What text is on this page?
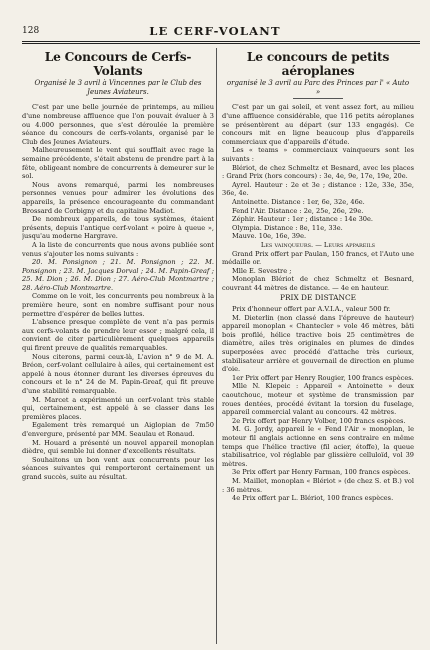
128	LE CERF-VOLANT
Le Concours de Cerfs-Volants
Organisé le 3 avril à Vincennes par le Club des Jeunes Aviateurs.

C'est par une belle journée de printemps, au milieu d'une nombreuse affluence que l'on pouvait évaluer à 3 ou 4.000 personnes, que s'est déroulée la première séance du concours de cerfs-volants, organisé par le Club des Jeunes Aviateurs.

Malheureusement le vent qui soufflait avec rage la semaine précédente, s'était abstenu de prendre part à la fête, obligeant nombre de concurrents à demeurer sur le sol.

Nous avons remarqué, parmi les nombreuses personnes venues pour admirer les évolutions des appareils, la présence encourageante du commandant Brossard de Corbigny et du capitaine Madiot.

De nombreux appareils, de tous systèmes, étaient présents, depuis l'antique cerf-volant « poire à queue », jusqu'au moderne Hargrave.

A la liste de concurrents que nous avons publiée sont venus s'ajouter les noms suivants :

20. M. Ponsignon ; 21. M. Ponsignon ; 22. M. Ponsignon ; 23. M. Jacques Dorval ; 24. M. Papin-Greaf ; 25. M. Dion ; 26. M. Dion ; 27. Aéro-Club Montmartre ; 28. Aéro-Club Montmartre.

Comme on le voit, les concurrents peu nombreux à la première heure, sont en nombre suffisant pour nous permettre d'espérer de belles luttes.

L'absence presque complète de vent n'a pas permis aux cerfs-volants de prendre leur essor ; malgré cela, il convient de citer particulièrement quelques appareils qui firent preuve de qualités remarquables.

Nous citerons, parmi ceux-là, L'avion n° 9 de M. A. Bréon, cerf-volant cellulaire à ailes, qui certainement est appelé à nous étonner durant les diverses épreuves du concours et le n° 24 de M. Papin-Greaf, qui fit preuve d'une stabilité remarquable.

M. Marcet a expérimenté un cerf-volant très stable qui, certainement, est appelé à se classer dans les premières places.

Egalement très remarqué un Aiglopian de 7m50 d'envergure, présenté par MM. Seaulau et Ronaud.

M. Houard a présenté un nouvel appareil monoplan dièdre, qui semble lui donner d'excellents résultats.

Souhaitons un bon vent aux concurrents pour les séances suivantes qui remporteront certainement un grand succès, suite au résultat.

Le concours de petits aéroplanes
organisé le 3 avril au Parc des Princes par l' « Auto »

C'est par un gai soleil, et vent assez fort, au milieu d'une affluence considérable, que 116 petits aéroplanes se présentèrent au départ (sur 133 engagés). Ce concours mit en ligne beaucoup plus d'appareils commerciaux que d'appareils d'étude.

Les « teams » commerciaux vainqueurs sont les suivants :

Blériot, de chez Schmeltz et Besnard, avec les places : Grand Prix (hors concours) : 3e, 4e, 9e, 17e, 19e, 20e.

Ayrel. Hauteur : 2e et 3e ; distance : 12e, 33e, 35e, 36e, 4e.

Antoinette. Distance : 1er, 6e, 32e, 46e.

Fend l'Air. Distance : 2e, 25e, 26e, 29e.

Zéphir. Hauteur : 1er ; distance : 14e 30e.

Olympia. Distance : 8e, 11e, 33e.

Mauve. 10e, 16e, 39e.

Les vainqueurs. — Leurs appareils

Grand Prix offert par Paulan, 150 francs, et l'Auto une médaille or.

Mlle E. Sevestre ;

Monoplan Blériot de chez Schmeltz et Besnard, couvrant 44 mètres de distance. — 4e en hauteur.

PRIX DE DISTANCE

Prix d'honneur offert par A.V.I.A., valeur 500 fr.

M. Dieterlin (non classé dans l'épreuve de hauteur) appareil monoplan « Chantecler » vole 46 mètres, bâti bois profilé, hélice tractive bois 25 centimètres de diamètre, ailes très originales en plumes de dindes superposées avec procédé d'attache très curieux, stabilisateur arrière et gouvernail de direction en plume d'oie.

1er Prix offert par Henry Rougier, 100 francs espèces.

Mlle N. Klepeic : Appareil « Antoinette » deux caoutchouc, moteur et système de transmission par roues dentées, procédé évitant la torsion du fuselage, appareil commercial valant au concours. 42 mètres.

2e Prix offert par Henry Volber, 100 francs espèces.

M. G. Jordy, appareil le « Fend l'Air » monoplan, le moteur fil anglais actionne en sens contraire en même temps que l'hélice tractive (fil acier, étoffe), la queue stabilisatrice, vol réglable par glissière celluloïd, vol 39 mètres.

3e Prix offert par Henry Farman, 100 francs espèces.

M. Maillet, monoplan « Blériot » (de chez S. et B.) vol : 36 mètres.

4e Prix offert par L. Blériot, 100 francs espèces.
